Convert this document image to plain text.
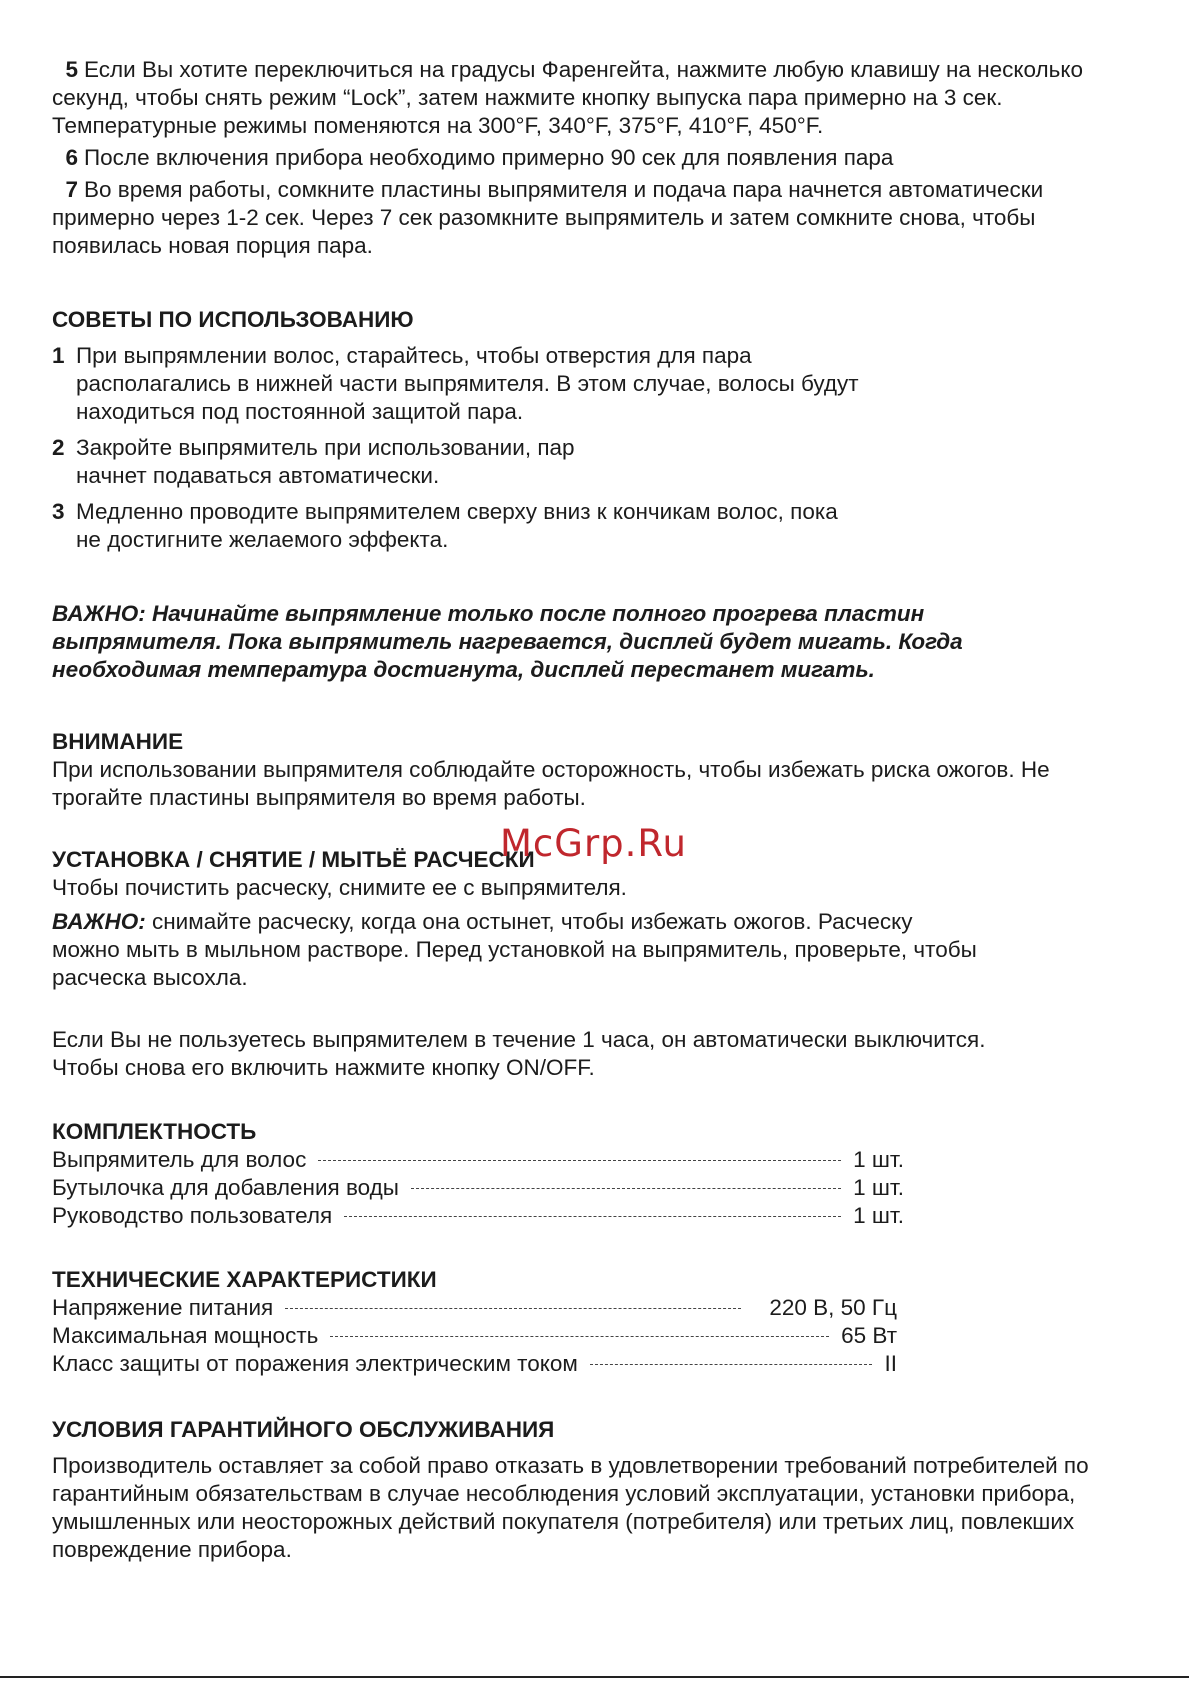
5 Если Вы хотите переключиться на градусы Фаренгейта, нажмите любую клавишу на несколько секунд, чтобы снять режим “Lock”, затем нажмите кнопку выпуска пара примерно на 3 сек. Температурные режимы поменяются на 300°F, 340°F, 375°F, 410°F, 450°F.

6 После включения прибора необходимо примерно 90 сек для появления пара

7 Во время работы, сомкните пластины выпрямителя и подача пара начнется автоматически примерно через 1-2 сек. Через 7 сек разомкните выпрямитель и затем сомкните снова, чтобы появилась новая порция пара.

СОВЕТЫ ПО ИСПОЛЬЗОВАНИЮ
1 При выпрямлении волос, старайтесь, чтобы отверстия для пара располагались в нижней части выпрямителя. В этом случае, волосы будут находиться под постоянной защитой пара.
2 Закройте выпрямитель при использовании, пар начнет подаваться автоматически.
3 Медленно проводите выпрямителем сверху вниз к кончикам волос, пока не достигните желаемого эффекта.

ВАЖНО: Начинайте выпрямление только после полного прогрева пластин выпрямителя. Пока выпрямитель нагревается, дисплей будет мигать. Когда необходимая температура достигнута, дисплей перестанет мигать.

ВНИМАНИЕ

При использовании выпрямителя соблюдайте осторожность, чтобы избежать риска ожогов. Не трогайте пластины выпрямителя во время работы.

УСТАНОВКА / СНЯТИЕ / МЫТЬЁ РАСЧЕСКИ

Чтобы почистить расческу, снимите ее с выпрямителя.

ВАЖНО: снимайте расческу, когда она остынет, чтобы избежать ожогов. Расческу можно мыть в мыльном растворе. Перед установкой на выпрямитель, проверьте, чтобы расческа высохла.

Если Вы не пользуетесь выпрямителем в течение 1 часа, он автоматически выключится. Чтобы снова его включить нажмите кнопку ON/OFF.

КОМПЛЕКТНОСТЬ
Выпрямитель для волос	1 шт.
Бутылочка для добавления воды	1 шт.
Руководство пользователя	1 шт.
ТЕХНИЧЕСКИЕ ХАРАКТЕРИСТИКИ
Напряжение питания	220 В, 50 Гц
Максимальная мощность	65 Вт
Класс защиты от поражения электрическим током	II
УСЛОВИЯ ГАРАНТИЙНОГО ОБСЛУЖИВАНИЯ

Производитель оставляет за собой право отказать в удовлетворении требований потребителей по гарантийным обязательствам в случае несоблюдения условий эксплуатации, установки прибора, умышленных или неосторожных действий покупателя (потребителя) или третьих лиц, повлекших повреждение прибора.

McGrp.Ru
